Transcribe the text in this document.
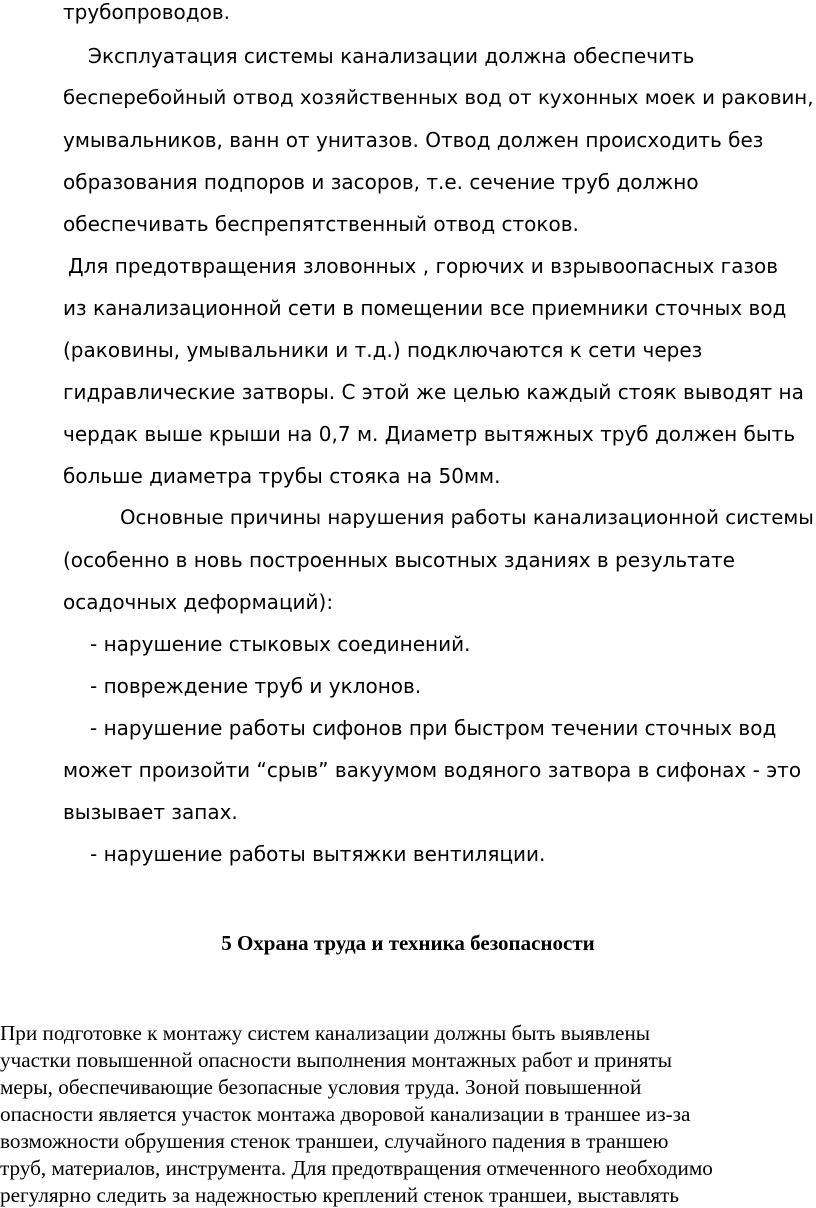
трубопроводов.

Эксплуатация системы канализации должна обеспечить

бесперебойный отвод хозяйственных вод от кухонных моек и раковин,

умывальников, ванн от унитазов. Отвод должен происходить без

образования подпоров и засоров, т.е. сечение труб должно

обеспечивать беспрепятственный отвод стоков.

Для предотвращения зловонных , горючих и взрывоопасных газов

из канализационной сети в помещении все приемники сточных вод

(раковины, умывальники и т.д.) подключаются к сети через

гидравлические затворы. С этой же целью каждый стояк выводят на

чердак выше крыши на 0,7 м. Диаметр вытяжных труб должен быть

больше диаметра трубы стояка на 50мм.

Основные причины нарушения работы канализационной системы

(особенно в новь построенных высотных зданиях в результате

осадочных деформаций):

- нарушение стыковых соединений.

- повреждение труб и уклонов.

- нарушение работы сифонов при быстром течении сточных вод

может произойти “срыв” вакуумом водяного затвора в сифонах - это

вызывает запах.

- нарушение работы вытяжки вентиляции.

5 Охрана труда и техника безопасности

При подготовке к монтажу систем канализации должны быть выявлены

участки повышенной опасности выполнения монтажных работ и приняты

меры, обеспечивающие безопасные условия труда. Зоной повышенной

опасности является участок монтажа дворовой канализации в траншее из-за

возможности обрушения стенок траншеи, случайного падения в траншею

труб, материалов, инструмента. Для предотвращения отмеченного необходимо

регулярно следить за надежностью креплений стенок траншеи, выставлять
